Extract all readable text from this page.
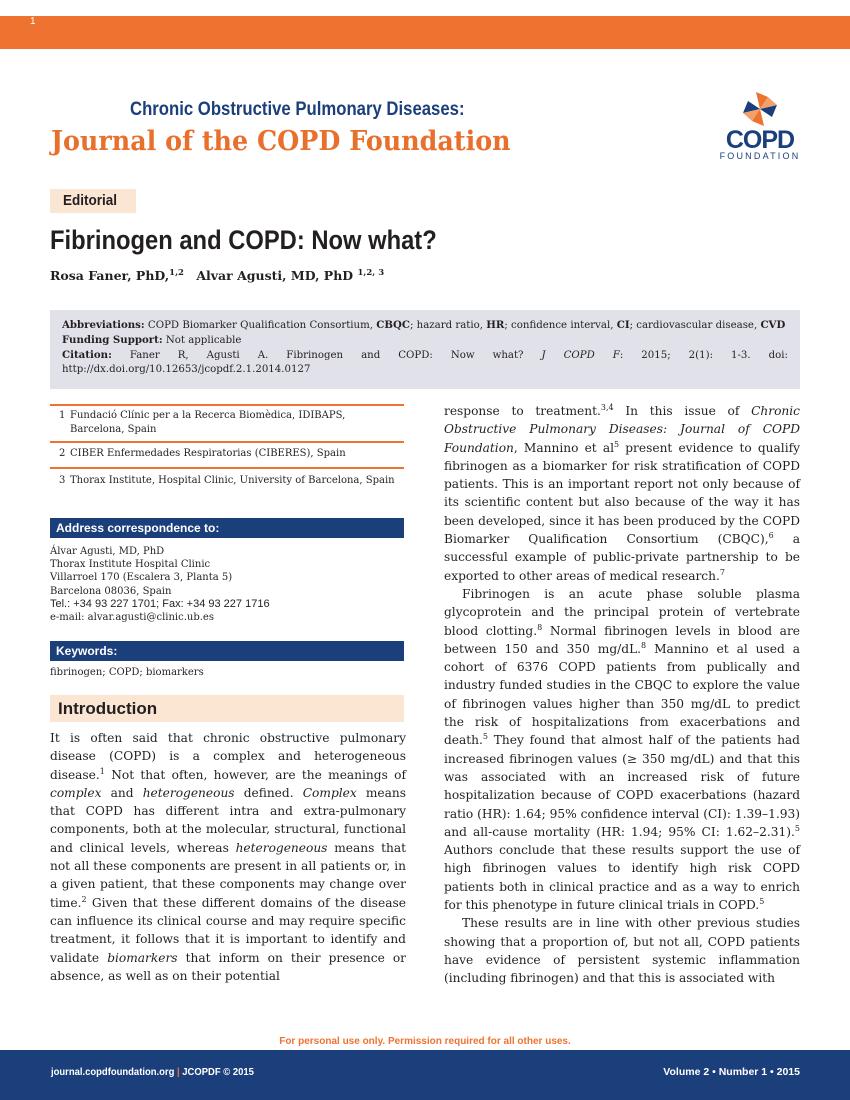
1
Chronic Obstructive Pulmonary Diseases:
Journal of the COPD Foundation	COPD
FOUNDATION
Editorial
Fibrinogen and COPD: Now what?
Rosa Faner, PhD,$^{1,2}$ Alvar Agusti, MD, PhD $^{1,2, 3}$
Abbreviations: COPD Biomarker Qualification Consortium, CBQC; hazard ratio, HR; confidence interval, CI; cardiovascular disease, CVD
Funding Support: Not applicable
Citation: Faner R, Agusti A. Fibrinogen and COPD: Now what? J COPD F: 2015; 2(1): 1-3. doi: http://dx.doi.org/10.12653/jcopdf.2.1.2014.0127
1 Fundació Clínic per a la Recerca Biomèdica, IDIBAPS, Barcelona, Spain
2 CIBER Enfermedades Respiratorias (CIBERES), Spain
3 Thorax Institute, Hospital Clinic, University of Barcelona, Spain
Address correspondence to:
Álvar Agusti, MD, PhD
Thorax Institute Hospital Clinic
Villarroel 170 (Escalera 3, Planta 5)
Barcelona 08036, Spain
Tel.: +34 93 227 1701; Fax: +34 93 227 1716
e-mail: alvar.agusti@clinic.ub.es
Keywords:
fibrinogen; COPD; biomarkers
Introduction

It is often said that chronic obstructive pulmonary disease (COPD) is a complex and heterogeneous disease.$^1$ Not that often, however, are the meanings of complex and heterogeneous defined. Complex means that COPD has different intra and extra-pulmonary components, both at the molecular, structural, functional and clinical levels, whereas heterogeneous means that not all these components are present in all patients or, in a given patient, that these components may change over time.$^2$ Given that these different domains of the disease can influence its clinical course and may require specific treatment, it follows that it is important to identify and validate biomarkers that inform on their presence or absence, as well as on their potential

response to treatment.$^{3,4}$ In this issue of Chronic Obstructive Pulmonary Diseases: Journal of COPD Foundation, Mannino et $al^5$ present evidence to qualify fibrinogen as a biomarker for risk stratification of COPD patients. This is an important report not only because of its scientific content but also because of the way it has been developed, since it has been produced by the COPD Biomarker Qualification Consortium (CBQC),$^6$ a successful example of public-private partnership to be exported to other areas of medical research.$^7$

Fibrinogen is an acute phase soluble plasma glycoprotein and the principal protein of vertebrate blood clotting.$^8$ Normal fibrinogen levels in blood are between 150 and 350 mg/dL.$^8$ Mannino et al used a cohort of 6376 COPD patients from publically and industry funded studies in the CBQC to explore the value of fibrinogen values higher than 350 mg/dL to predict the risk of hospitalizations from exacerbations and death.$^5$ They found that almost half of the patients had increased fibrinogen values (≥ 350 mg/dL) and that this was associated with an increased risk of future hospitalization because of COPD exacerbations (hazard ratio (HR): 1.64; 95% confidence interval (CI): 1.39–1.93) and all-cause mortality (HR: 1.94; 95% CI: 1.62–2.31).$^5$ Authors conclude that these results support the use of high fibrinogen values to identify high risk COPD patients both in clinical practice and as a way to enrich for this phenotype in future clinical trials in COPD.$^5$

These results are in line with other previous studies showing that a proportion of, but not all, COPD patients have evidence of persistent systemic inflammation (including fibrinogen) and that this is associated with

For personal use only. Permission required for all other uses.
journal.copdfoundation.org | JCOPDF © 2015	Volume 2 • Number 1 • 2015
